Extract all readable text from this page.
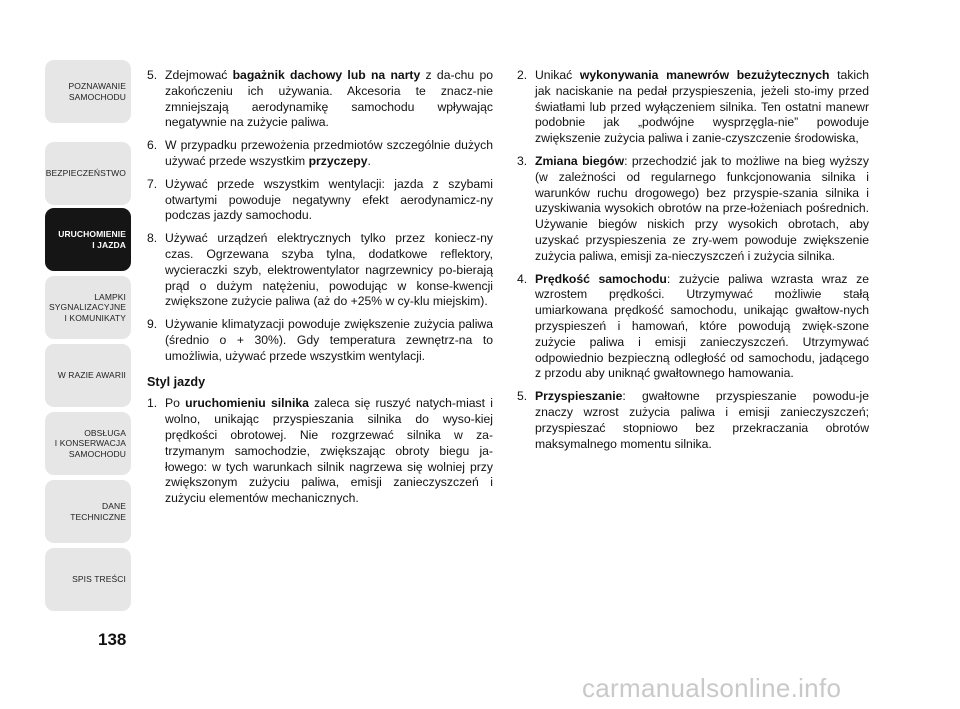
POZNAWANIE
SAMOCHODU
BEZPIECZEŃSTWO
URUCHOMIENIE
I JAZDA
LAMPKI
SYGNALIZACYJNE
I KOMUNIKATY
W RAZIE AWARII
OBSŁUGA
I KONSERWACJA
SAMOCHODU
DANE
TECHNICZNE
SPIS TREŚCI
138
5. Zdejmować bagażnik dachowy lub na narty z da-chu po zakończeniu ich używania. Akcesoria te znacz-nie zmniejszają aerodynamikę samochodu wpływając negatywnie na zużycie paliwa.
6. W przypadku przewożenia przedmiotów szczególnie dużych używać przede wszystkim przyczepy.
7. Używać przede wszystkim wentylacji: jazda z szybami otwartymi powoduje negatywny efekt aerodynamicz-ny podczas jazdy samochodu.
8. Używać urządzeń elektrycznych tylko przez koniecz-ny czas. Ogrzewana szyba tylna, dodatkowe reflektory, wycieraczki szyb, elektrowentylator nagrzewnicy po-bierają prąd o dużym natężeniu, powodując w konse-kwencji zwiększone zużycie paliwa (aż do +25% w cy-klu miejskim).
9. Używanie klimatyzacji powoduje zwiększenie zużycia paliwa (średnio o + 30%). Gdy temperatura zewnętrz-na to umożliwia, używać przede wszystkim wentylacji.
Styl jazdy
1. Po uruchomieniu silnika zaleca się ruszyć natych-miast i wolno, unikając przyspieszania silnika do wyso-kiej prędkości obrotowej. Nie rozgrzewać silnika w za-trzymanym samochodzie, zwiększając obroty biegu ja-łowego: w tych warunkach silnik nagrzewa się wolniej przy zwiększonym zużyciu paliwa, emisji zanieczyszczeń i zużyciu elementów mechanicznych.
2. Unikać wykonywania manewrów bezużytecznych takich jak naciskanie na pedał przyspieszenia, jeżeli sto-imy przed światłami lub przed wyłączeniem silnika. Ten ostatni manewr podobnie jak „podwójne wysprzęgla-nie” powoduje zwiększenie zużycia paliwa i zanie-czyszczenie środowiska,
3. Zmiana biegów: przechodzić jak to możliwe na bieg wyższy (w zależności od regularnego funkcjonowania silnika i warunków ruchu drogowego) bez przyspie-szania silnika i uzyskiwania wysokich obrotów na prze-łożeniach pośrednich. Używanie biegów niskich przy wysokich obrotach, aby uzyskać przyspieszenia ze zry-wem powoduje zwiększenie zużycia paliwa, emisji za-nieczyszczeń i zużycia silnika.
4. Prędkość samochodu: zużycie paliwa wzrasta wraz ze wzrostem prędkości. Utrzymywać możliwie stałą umiarkowana prędkość samochodu, unikając gwałtow-nych przyspieszeń i hamowań, które powodują zwięk-szone zużycie paliwa i emisji zanieczyszczeń. Utrzymywać odpowiednio bezpieczną odległość od samochodu, jadącego z przodu aby uniknąć gwałtownego hamowania.
5. Przyspieszanie: gwałtowne przyspieszanie powodu-je znaczy wzrost zużycia paliwa i emisji zanieczyszczeń; przyspieszać stopniowo bez przekraczania obrotów maksymalnego momentu silnika.
carmanualsonline.info
